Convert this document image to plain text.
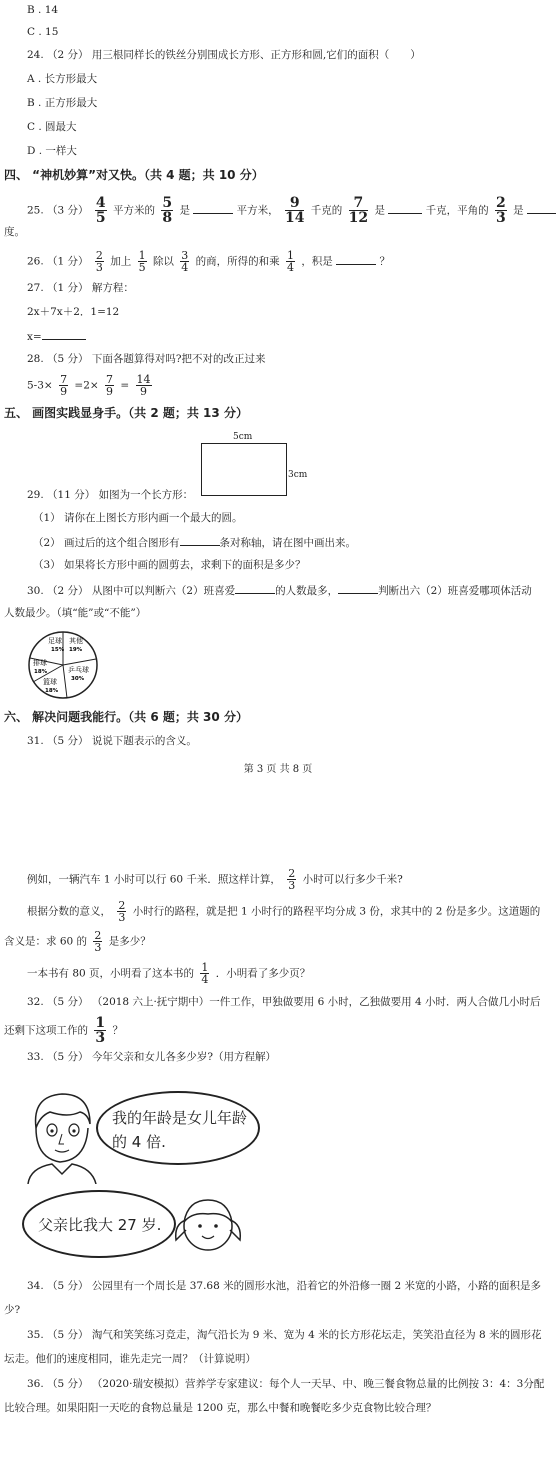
B . 14
C . 15
24. （2 分） 用三根同样长的铁丝分别围成长方形、正方形和圆,它们的面积（　　）
A . 长方形最大
B . 正方形最大
C . 圆最大
D . 一样大
四、 “神机妙算”对又快。（共 4 题；共 10 分）
25. （3 分） $\frac{4}{5}$ 平方米的 $\frac{5}{8}$ 是	平方米， $\frac{9}{14}$ 千克的 $\frac{7}{12}$ 是	千克，平角的 $\frac{2}{3}$ 是
度。
26. （1 分） $\frac{2}{3}$ 加上 $\frac{1}{5}$ 除以 $\frac{3}{4}$ 的商，所得的和乘 $\frac{1}{4}$ ，积是	？
27. （1 分） 解方程：
2x＋7x＋2．1=12
x=
28. （5 分） 下面各题算得对吗?把不对的改正过来
$5-3\times \frac{7}{9} =2\times \frac{7}{9} = \frac{14}{9}$
五、 画图实践显身手。（共 2 题；共 13 分）
5cm
3cm
29. （11 分） 如图为一个长方形：
（1） 请你在上图长方形内画一个最大的圆。
（2） 画过后的这个组合图形有	条对称轴，请在图中画出来。
（3） 如果将长方形中画的圆剪去，求剩下的面积是多少？
30. （2 分） 从图中可以判断六（2）班喜爱	的人数最多，	判断出六（2）班喜爱哪项体活动
人数最少。（填“能”或“不能”）
足球
15%
其他
19%
排球
18%	乒乓球
30%
篮球
18%
六、 解决问题我能行。（共 6 题；共 30 分）
31. （5 分） 说说下题表示的含义。
第 3 页 共 8 页
例如，一辆汽车 1 小时可以行 60 千米．照这样计算， $\frac{2}{3}$ 小时可以行多少千米?
根据分数的意义， $\frac{2}{3}$ 小时行的路程，就是把 1 小时行的路程平均分成 3 份，求其中的 2 份是多少。这道题的
含义是：求 60 的 $\frac{2}{3}$ 是多少？
一本书有 80 页，小明看了这本书的 $\frac{1}{4}$ ．小明看了多少页？
32. （5 分） （2018 六上·抚宁期中）一件工作，甲独做要用 6 小时，乙独做要用 4 小时．两人合做几小时后
还剩下这项工作的 $\frac{1}{3}$ ？
33. （5 分） 今年父亲和女儿各多少岁?（用方程解）
我的年龄是女儿年龄
的 4 倍.
父亲比我大 27 岁.
34. （5 分） 公园里有一个周长是 37.68 米的圆形水池，沿着它的外沿修一圈 2 米宽的小路，小路的面积是多
少?
35. （5 分） 淘气和笑笑练习竞走，淘气沿长为 9 米、宽为 4 米的长方形花坛走，笑笑沿直径为 8 米的圆形花
坛走。他们的速度相同，谁先走完一周？（计算说明）
36. （5 分） （2020·瑞安模拟）营养学专家建议：每个人一天早、中、晚三餐食物总量的比例按 3：4：3分配
比较合理。如果阳阳一天吃的食物总量是 1200 克，那么中餐和晚餐吃多少克食物比较合理？
